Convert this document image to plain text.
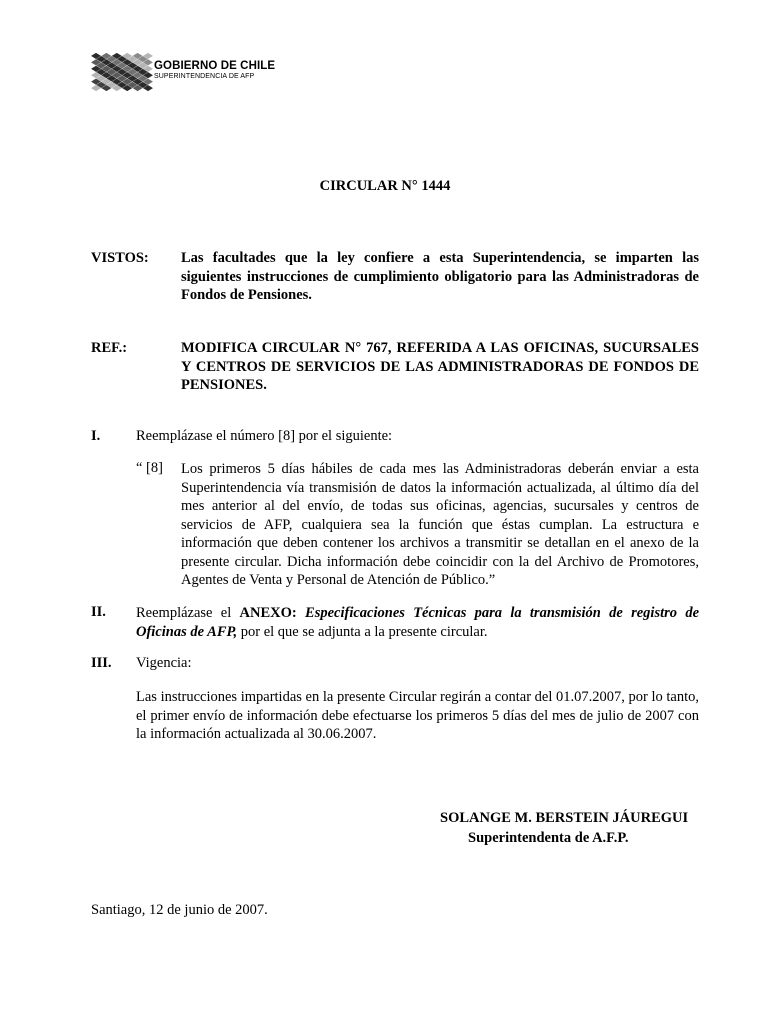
GOBIERNO DE CHILE
SUPERINTENDENCIA DE AFP
CIRCULAR N° 1444
VISTOS: Las facultades que la ley confiere a esta Superintendencia, se imparten las siguientes instrucciones de cumplimiento obligatorio para las Administradoras de Fondos de Pensiones.
REF.:	MODIFICA CIRCULAR N° 767, REFERIDA A LAS OFICINAS, SUCURSALES Y CENTROS DE SERVICIOS DE LAS ADMINISTRADORAS DE FONDOS DE PENSIONES.
I. Reemplázase el número [8] por el siguiente:
“ [8] Los primeros 5 días hábiles de cada mes las Administradoras deberán enviar a esta Superintendencia vía transmisión de datos la información actualizada, al último día del mes anterior al del envío, de todas sus oficinas, agencias, sucursales y centros de servicios de AFP, cualquiera sea la función que éstas cumplan. La estructura e información que deben contener los archivos a transmitir se detallan en el anexo de la presente circular. Dicha información debe coincidir con la del Archivo de Promotores, Agentes de Venta y Personal de Atención de Público.”
II. Reemplázase el ANEXO: Especificaciones Técnicas para la transmisión de registro de Oficinas de AFP, por el que se adjunta a la presente circular.
III. Vigencia:
Las instrucciones impartidas en la presente Circular regirán a contar del 01.07.2007, por lo tanto, el primer envío de información debe efectuarse los primeros 5 días del mes de julio de 2007 con la información actualizada al 30.06.2007.
SOLANGE M. BERSTEIN JÁUREGUI
Superintendenta de A.F.P.
Santiago, 12 de junio de 2007.
